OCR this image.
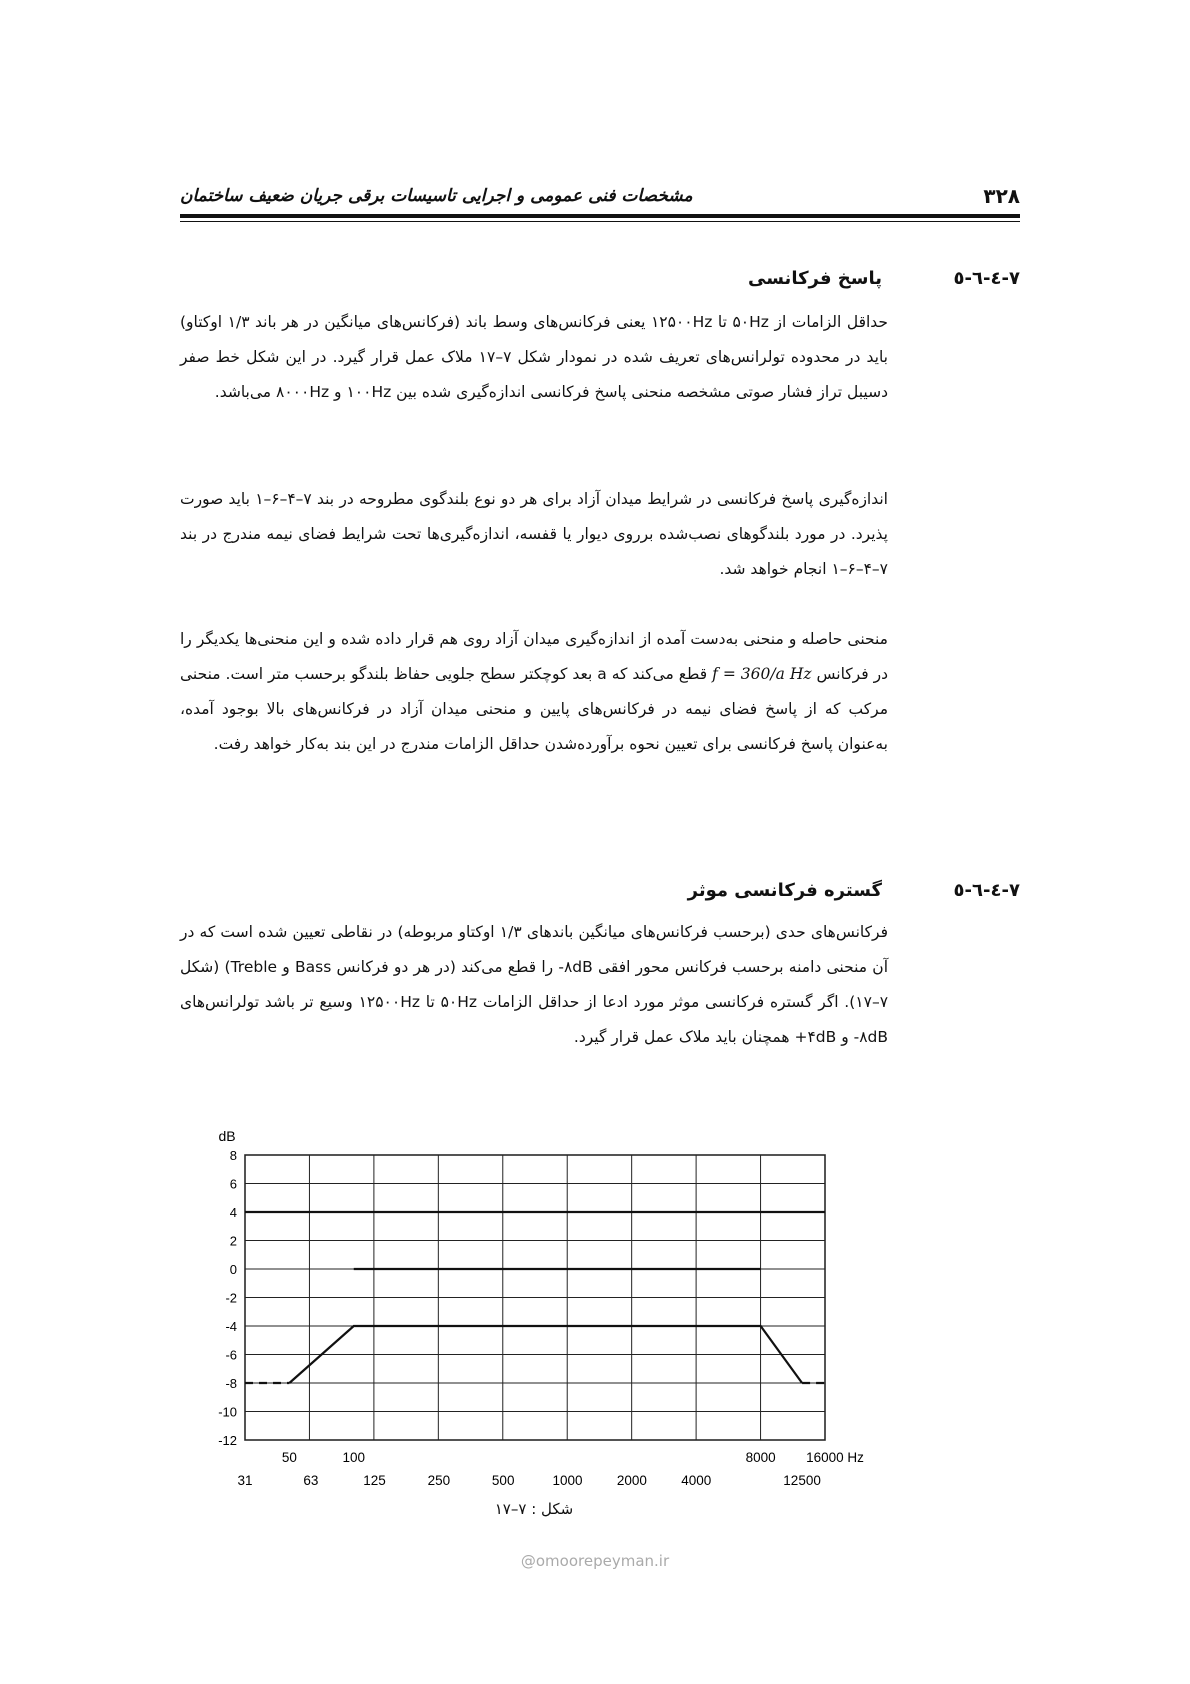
۳۲۸
مشخصات فنی عمومی و اجرایی تاسیسات برقی جریان ضعیف ساختمان
۷-٤-٦-٥
پاسخ فرکانسی
حداقل الزامات از ۵۰Hz تا ۱۲۵۰۰Hz یعنی فرکانس‌های وسط باند (فرکانس‌های میانگین در هر باند ۱/۳ اوکتاو) باید در محدوده تولرانس‌های تعریف شده در نمودار شکل ۷–۱۷ ملاک عمل قرار گیرد. در این شکل خط صفر دسیبل تراز فشار صوتی مشخصه منحنی پاسخ فرکانسی اندازه‌گیری شده بین ۱۰۰Hz و ۸۰۰۰Hz می‌باشد.
اندازه‌گیری پاسخ فرکانسی در شرایط میدان آزاد برای هر دو نوع بلندگوی مطروحه در بند ۷–۴–۶–۱ باید صورت پذیرد. در مورد بلندگوهای نصب‌شده برروی دیوار یا قفسه، اندازه‌گیری‌ها تحت شرایط فضای نیمه مندرج در بند ۷–۴–۶–۱ انجام خواهد شد.
منحنی حاصله و منحنی به‌دست آمده از اندازه‌گیری میدان آزاد روی هم قرار داده شده و این منحنی‌ها یکدیگر را در فرکانس f = 360/a Hz قطع می‌کند که a بعد کوچکتر سطح جلویی حفاظ بلندگو برحسب متر است. منحنی مرکب که از پاسخ فضای نیمه در فرکانس‌های پایین و منحنی میدان آزاد در فرکانس‌های بالا بوجود آمده، به‌عنوان پاسخ فرکانسی برای تعیین نحوه برآورده‌شدن حداقل الزامات مندرج در این بند به‌کار خواهد رفت.
۷-٤-٦-٥
گستره فرکانسی موثر
فرکانس‌های حدی (برحسب فرکانس‌های میانگین باندهای ۱/۳ اوکتاو مربوطه) در نقاطی تعیین شده است که در آن منحنی دامنه برحسب فرکانس محور افقی ‎-۸dB‎ را قطع می‌کند (در هر دو فرکانس Bass و Treble) (شکل ۷–۱۷). اگر گستره فرکانسی موثر مورد ادعا از حداقل الزامات ۵۰Hz تا ۱۲۵۰۰Hz وسیع تر باشد تولرانس‌های ‎-۸dB‎ و ‎+۴dB‎ همچنان باید ملاک عمل قرار گیرد.
8
6
4
2
0
-2
-4
-6
-8
-10
-12
dB
50	100	8000 16000 Hz
31	63	125	250	500	1000	2000	4000	12500
شکل : ۷–۱۷
@omoorepeyman.ir
